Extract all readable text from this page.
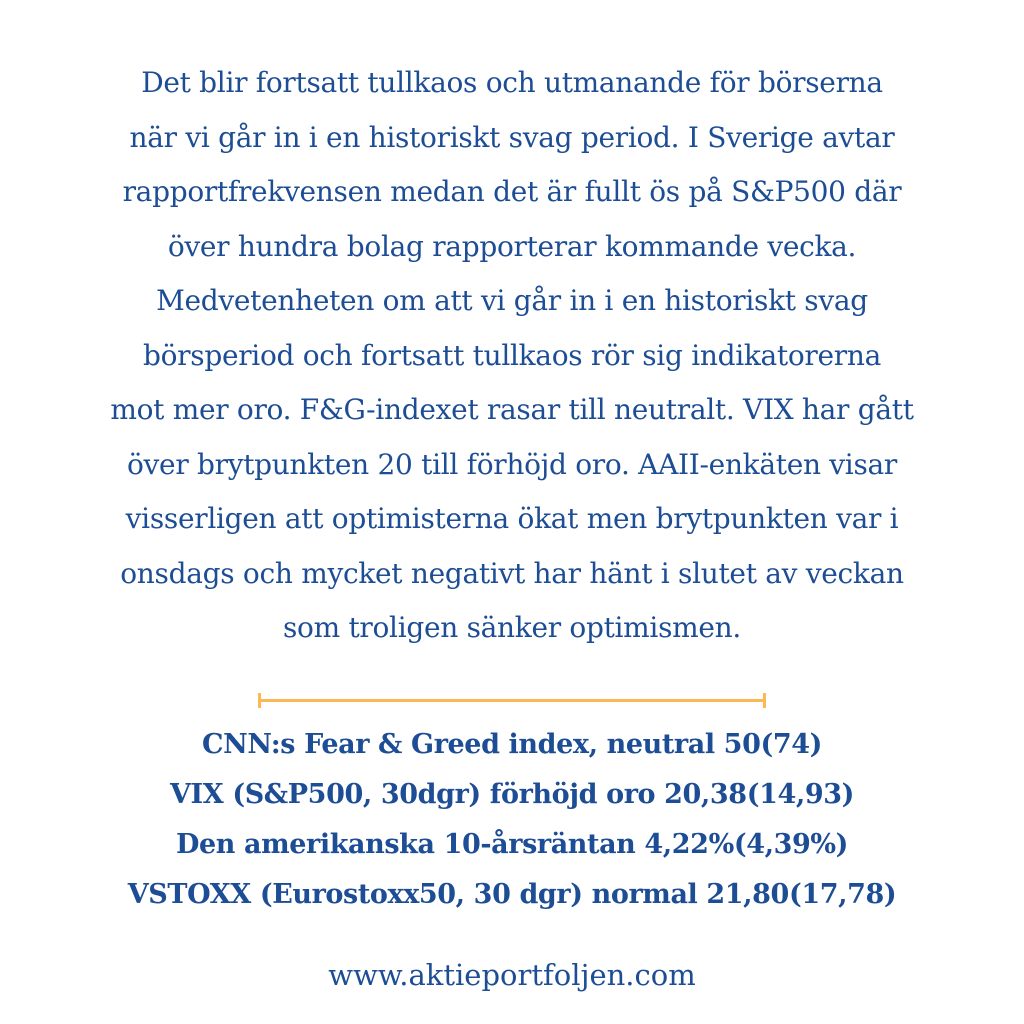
Det blir fortsatt tullkaos och utmanande för börserna
när vi går in i en historiskt svag period. I Sverige avtar
rapportfrekvensen medan det är fullt ös på S&P500 där
över hundra bolag rapporterar kommande vecka.
Medvetenheten om att vi går in i en historiskt svag
börsperiod och fortsatt tullkaos rör sig indikatorerna
mot mer oro. F&G-indexet rasar till neutralt. VIX har gått
över brytpunkten 20 till förhöjd oro. AAII-enkäten visar
visserligen att optimisterna ökat men brytpunkten var i
onsdags och mycket negativt har hänt i slutet av veckan
som troligen sänker optimismen.

CNN:s Fear & Greed index, neutral 50(74)
VIX (S&P500, 30dgr) förhöjd oro 20,38(14,93)
Den amerikanska 10-årsräntan 4,22%(4,39%)
VSTOXX (Eurostoxx50, 30 dgr) normal 21,80(17,78)
www.aktieportfoljen.com
